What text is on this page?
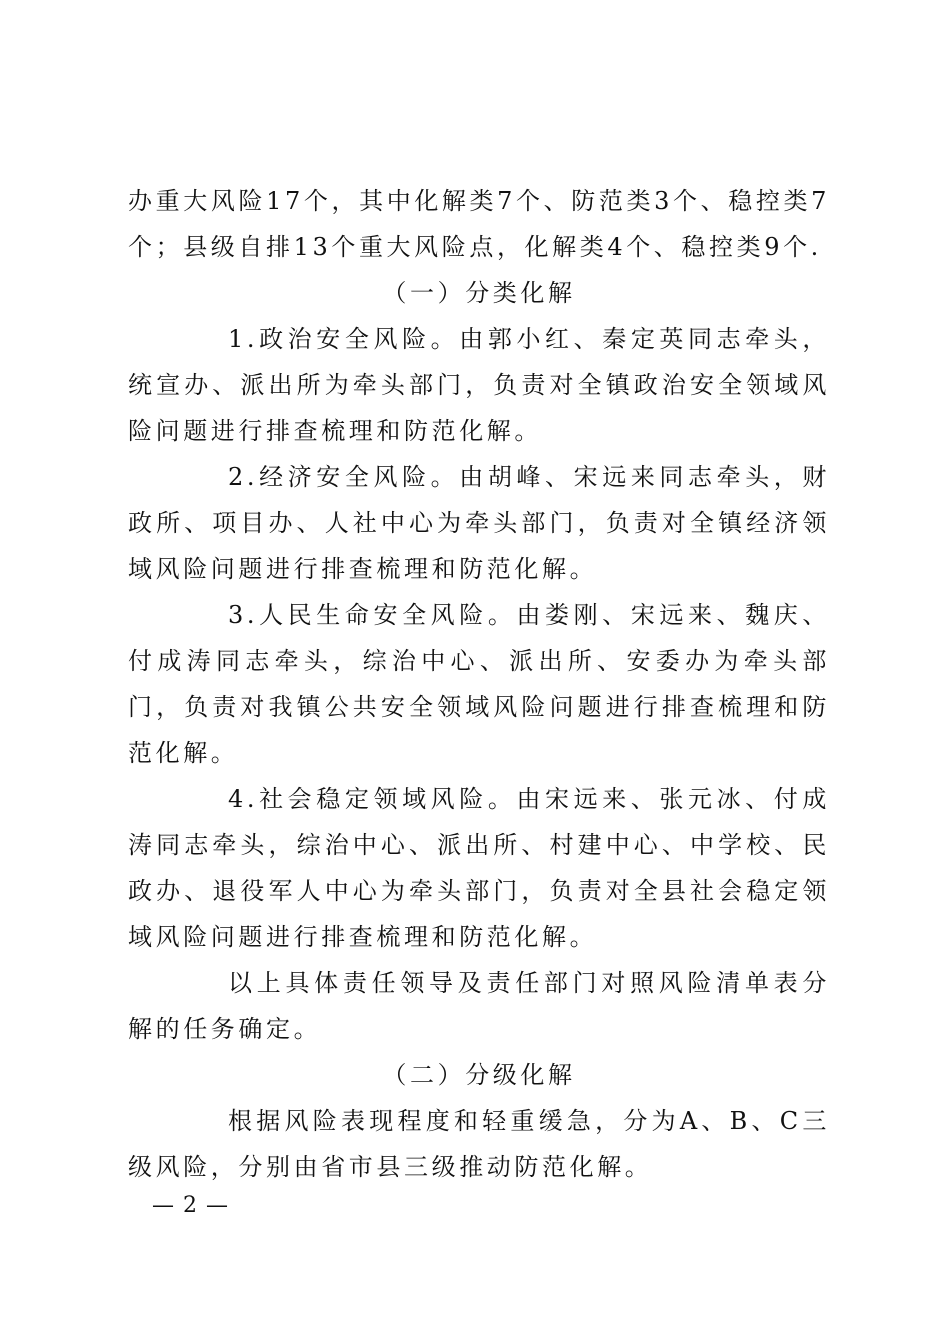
办重大风险17个，其中化解类7个、防范类3个、稳控类7个；县级自排13个重大风险点，化解类4个、稳控类9个.

（一）分类化解

1.政治安全风险。由郭小红、秦定英同志牵头，统宣办、派出所为牵头部门，负责对全镇政治安全领域风险问题进行排查梳理和防范化解。

2.经济安全风险。由胡峰、宋远来同志牵头，财政所、项目办、人社中心为牵头部门，负责对全镇经济领域风险问题进行排查梳理和防范化解。

3.人民生命安全风险。由娄刚、宋远来、魏庆、付成涛同志牵头，综治中心、派出所、安委办为牵头部门，负责对我镇公共安全领域风险问题进行排查梳理和防范化解。

4.社会稳定领域风险。由宋远来、张元冰、付成涛同志牵头，综治中心、派出所、村建中心、中学校、民政办、退役军人中心为牵头部门，负责对全县社会稳定领域风险问题进行排查梳理和防范化解。

以上具体责任领导及责任部门对照风险清单表分解的任务确定。

（二）分级化解

根据风险表现程度和轻重缓急，分为A、B、C三级风险，分别由省市县三级推动防范化解。

— 2 —
